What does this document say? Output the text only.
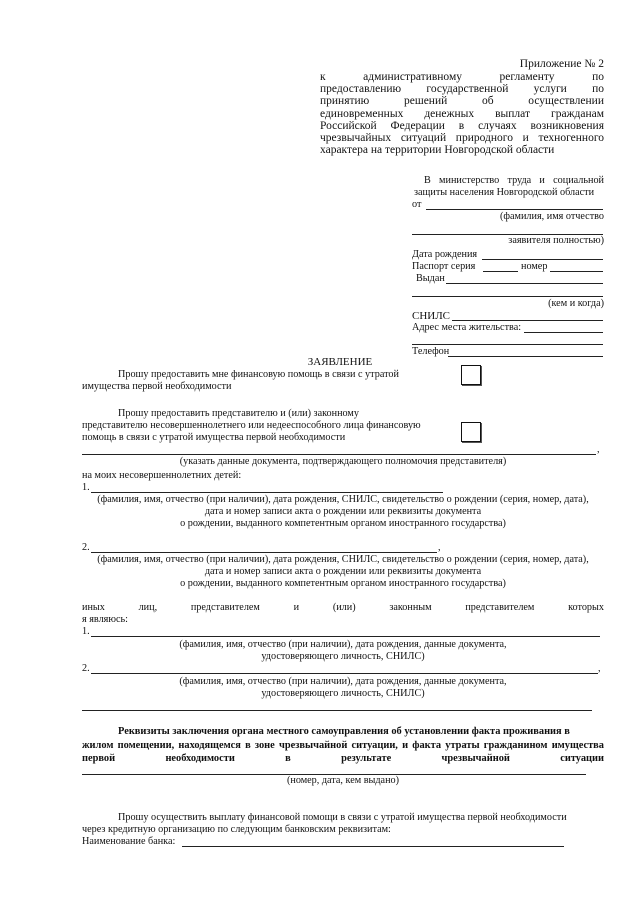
Приложение № 2
к административному регламенту по
предоставлению государственной услуги по
принятию решений об осуществлении
единовременных денежных выплат гражданам
Российской Федерации в случаях возникновения
чрезвычайных ситуаций природного и техногенного
характера на территории Новгородской области
В министерство труда и социальной
защиты населения Новгородской области
от
(фамилия, имя отчество
заявителя полностью)
Дата рождения
Паспорт серия	номер
Выдан
(кем и когда)
СНИЛС
Адрес места жительства:
Телефон
ЗАЯВЛЕНИЕ
Прошу предоставить мне финансовую помощь в связи с утратой
имущества первой необходимости
Прошу предоставить представителю и (или) законному
представителю несовершеннолетнего или недееспособного лица финансовую
помощь в связи с утратой имущества первой необходимости
,
(указать данные документа, подтверждающего полномочия представителя)
на моих несовершеннолетних детей:
1.
(фамилия, имя, отчество (при наличии), дата рождения, СНИЛС, свидетельство о рождении (серия, номер, дата),
дата и номер записи акта о рождении или реквизиты документа
о рождении, выданного компетентным органом иностранного государства)
2.	,
(фамилия, имя, отчество (при наличии), дата рождения, СНИЛС, свидетельство о рождении (серия, номер, дата),
дата и номер записи акта о рождении или реквизиты документа
о рождении, выданного компетентным органом иностранного государства)
иных	лиц,	представителем	и	(или)	законным	представителем	которых
я являюсь:
1.
(фамилия, имя, отчество (при наличии), дата рождения, данные документа,
удостоверяющего личность, СНИЛС)
2.	,
(фамилия, имя, отчество (при наличии), дата рождения, данные документа,
удостоверяющего личность, СНИЛС)
Реквизиты заключения органа местного самоуправления об установлении факта проживания в
жилом помещении, находящемся в зоне чрезвычайной ситуации, и факта утраты гражданином имущества
первой	необходимости	в	результате	чрезвычайной	ситуации
(номер, дата, кем выдано)
Прошу осуществить выплату финансовой помощи в связи с утратой имущества первой необходимости
через кредитную организацию по следующим банковским реквизитам:
Наименование банка:
